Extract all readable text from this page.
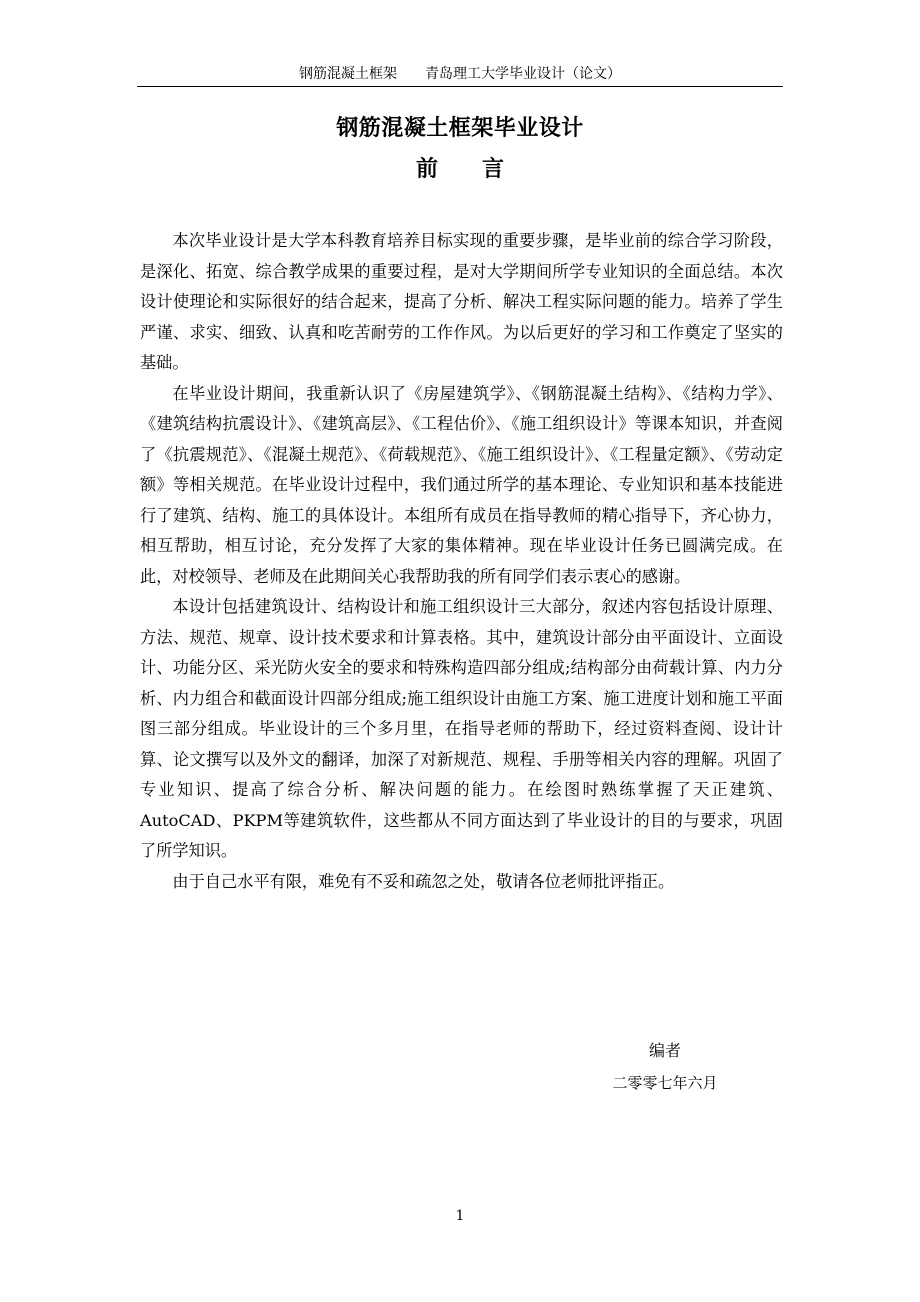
钢筋混凝土框架 青岛理工大学毕业设计（论文）
钢筋混凝土框架毕业设计
前言

本次毕业设计是大学本科教育培养目标实现的重要步骤，是毕业前的综合学习阶段，是深化、拓宽、综合教学成果的重要过程，是对大学期间所学专业知识的全面总结。本次设计使理论和实际很好的结合起来，提高了分析、解决工程实际问题的能力。培养了学生严谨、求实、细致、认真和吃苦耐劳的工作作风。为以后更好的学习和工作奠定了坚实的基础。

在毕业设计期间，我重新认识了《房屋建筑学》、《钢筋混凝土结构》、《结构力学》、《建筑结构抗震设计》、《建筑高层》、《工程估价》、《施工组织设计》等课本知识，并查阅了《抗震规范》、《混凝土规范》、《荷载规范》、《施工组织设计》、《工程量定额》、《劳动定额》等相关规范。在毕业设计过程中，我们通过所学的基本理论、专业知识和基本技能进行了建筑、结构、施工的具体设计。本组所有成员在指导教师的精心指导下，齐心协力，相互帮助，相互讨论，充分发挥了大家的集体精神。现在毕业设计任务已圆满完成。在此，对校领导、老师及在此期间关心我帮助我的所有同学们表示衷心的感谢。

本设计包括建筑设计、结构设计和施工组织设计三大部分，叙述内容包括设计原理、方法、规范、规章、设计技术要求和计算表格。其中，建筑设计部分由平面设计、立面设计、功能分区、采光防火安全的要求和特殊构造四部分组成;结构部分由荷载计算、内力分析、内力组合和截面设计四部分组成;施工组织设计由施工方案、施工进度计划和施工平面图三部分组成。毕业设计的三个多月里，在指导老师的帮助下，经过资料查阅、设计计算、论文撰写以及外文的翻译，加深了对新规范、规程、手册等相关内容的理解。巩固了专业知识、提高了综合分析、解决问题的能力。在绘图时熟练掌握了天正建筑、AutoCAD、PKPM等建筑软件，这些都从不同方面达到了毕业设计的目的与要求，巩固了所学知识。

由于自己水平有限，难免有不妥和疏忽之处，敬请各位老师批评指正。

编者
二零零七年六月
1
